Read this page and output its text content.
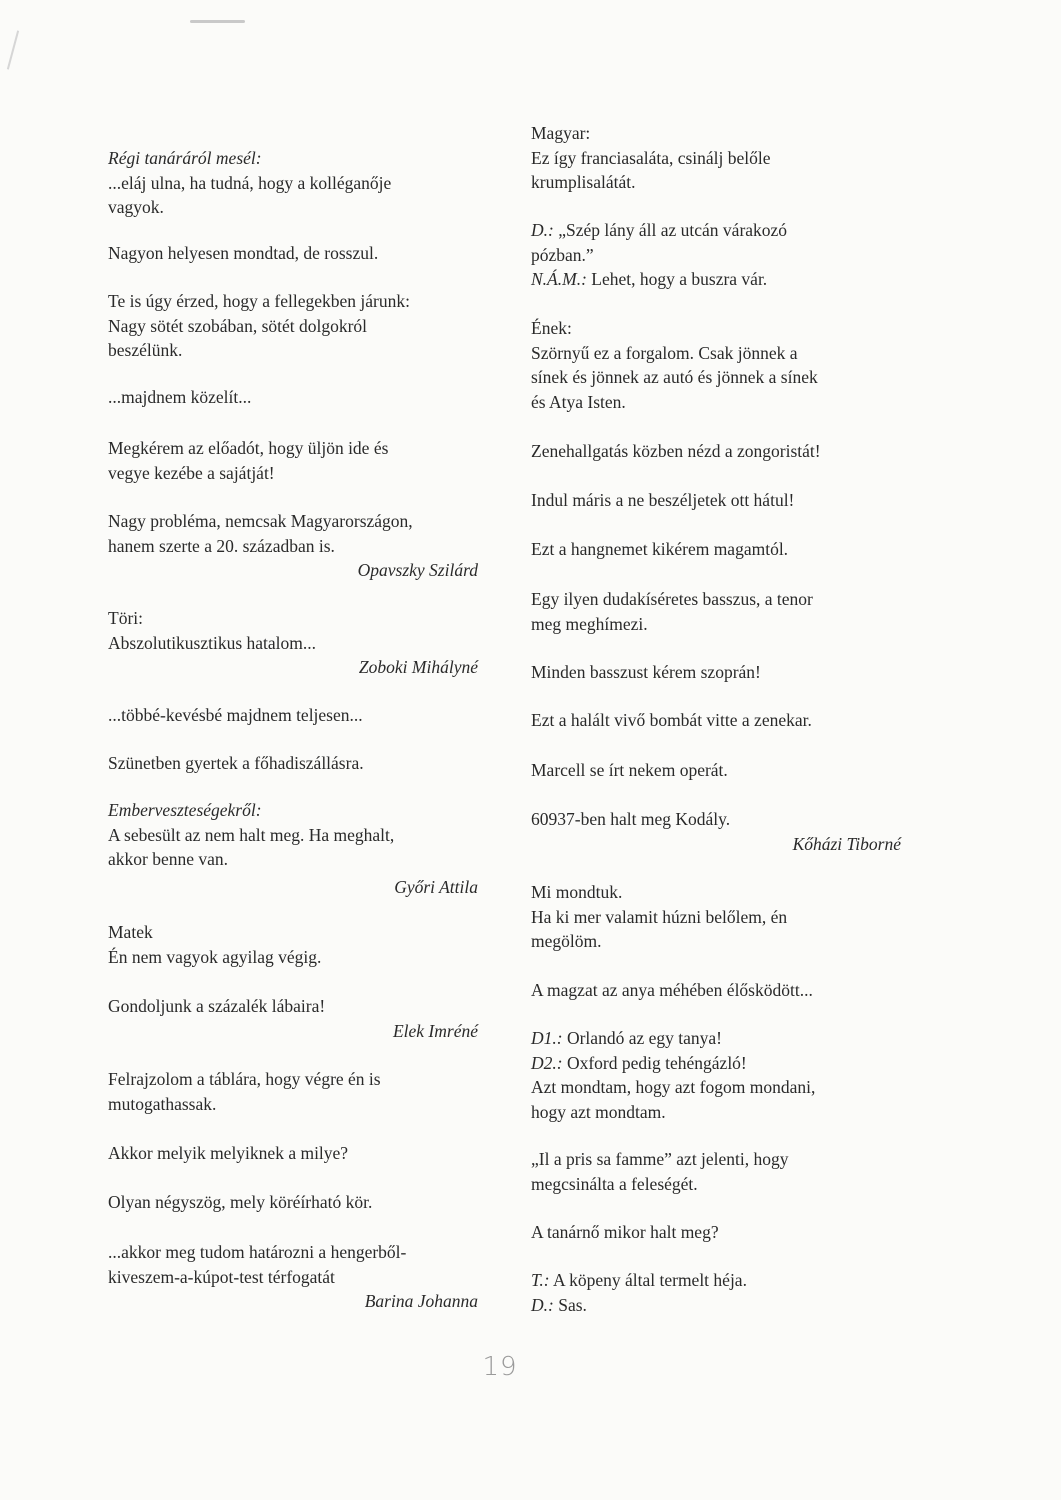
Régi tanáráról mesél:
...eláj ulna, ha tudná, hogy a kolléganője
vagyok.
Nagyon helyesen mondtad, de rosszul.
Te is úgy érzed, hogy a fellegekben járunk:
Nagy sötét szobában, sötét dolgokról
beszélünk.
...majdnem közelít...
Megkérem az előadót, hogy üljön ide és
vegye kezébe a sajátját!
Nagy probléma, nemcsak Magyarországon,
hanem szerte a 20. században is.
Opavszky Szilárd
Töri:
Abszolutikusztikus hatalom...
Zoboki Mihályné
...többé-kevésbé majdnem teljesen...
Szünetben gyertek a főhadiszállásra.
Emberveszteségekről:
A sebesült az nem halt meg. Ha meghalt,
akkor benne van.
Győri Attila
Matek
Én nem vagyok agyilag végig.
Gondoljunk a százalék lábaira!
Elek Imréné
Felrajzolom a táblára, hogy végre én is
mutogathassak.
Akkor melyik melyiknek a milye?
Olyan négyszög, mely köréírható kör.
...akkor meg tudom határozni a hengerből-
kiveszem-a-kúpot-test térfogatát
Barina Johanna
Magyar:
Ez így franciasaláta, csinálj belőle
krumplisalátát.
D.: „Szép lány áll az utcán várakozó
pózban.”
N.Á.M.: Lehet, hogy a buszra vár.
Ének:
Szörnyű ez a forgalom. Csak jönnek a
sínek és jönnek az autó és jönnek a sínek
és Atya Isten.
Zenehallgatás közben nézd a zongoristát!
Indul máris a ne beszéljetek ott hátul!
Ezt a hangnemet kikérem magamtól.
Egy ilyen dudakíséretes basszus, a tenor
meg meghímezi.
Minden basszust kérem szoprán!
Ezt a halált vivő bombát vitte a zenekar.
Marcell se írt nekem operát.
60937-ben halt meg Kodály.
Kőházi Tiborné
Mi mondtuk.
Ha ki mer valamit húzni belőlem, én
megölöm.
A magzat az anya méhében élősködött...
D1.: Orlandó az egy tanya!
D2.: Oxford pedig tehéngázló!
Azt mondtam, hogy azt fogom mondani,
hogy azt mondtam.
„Il a pris sa famme” azt jelenti, hogy
megcsinálta a feleségét.
A tanárnő mikor halt meg?
T.: A köpeny által termelt héja.
D.: Sas.
19
